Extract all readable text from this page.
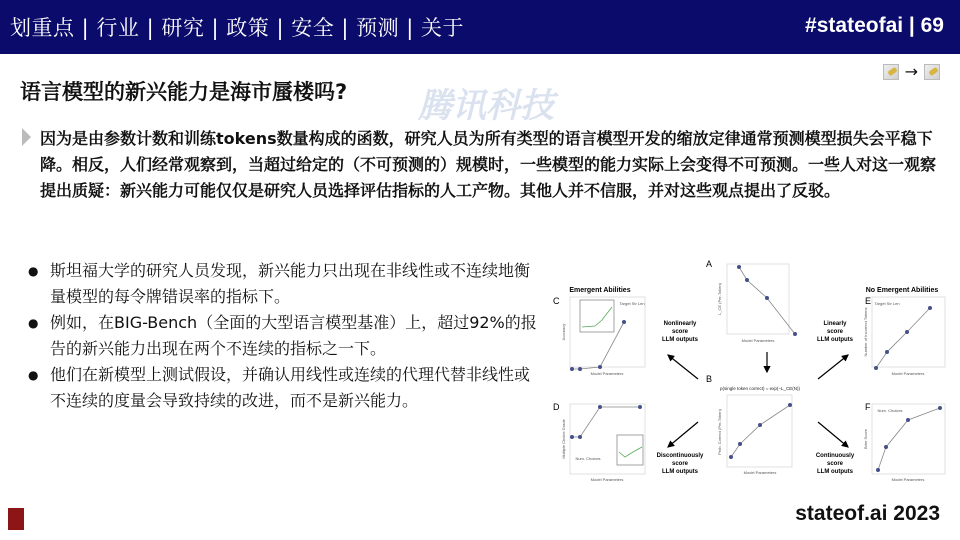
划重点 | 行业 | 研究 | 政策 | 安全 | 预测 | 关于	#stateofai | 69
→
语言模型的新兴能力是海市蜃楼吗? 腾讯科技
因为是由参数计数和训练tokens数量构成的函数，研究人员为所有类型的语言模型开发的缩放定律通常预测模型损失会平稳下降。相反，人们经常观察到，当超过给定的（不可预测的）规模时，一些模型的能力实际上会变得不可预测。一些人对这一观察提出质疑：新兴能力可能仅仅是研究人员选择评估指标的人工产物。其他人并不信服，并对这些观点提出了反驳。
● 斯坦福大学的研究人员发现，新兴能力只出现在非线性或不连续地衡量模型的每令牌错误率的指标下。
● 例如，在BIG-Bench（全面的大型语言模型基准）上，超过92%的报告的新兴能力出现在两个不连续的指标之一下。
● 他们在新模型上测试假设，并确认用线性或连续的代理代替非线性或不连续的度量会导致持续的改进，而不是新兴能力。
Emergent Abilities	No Emergent Abilities
A
B
C
D
E
F
Nonlinearly
score
LLM outputs
Linearly
score
LLM outputs
Discontinuously
score
LLM outputs
Continuously
score
LLM outputs
p(single token correct) = exp(−L_CE(N))
Model Parameters
Model Parameters
Model Parameters
Model Parameters
Model Parameters
Model Parameters
L_CE (Per-Token)
Prob. Correct (Per-Token)
Accuracy
Multiple Choice Grade
Number of Incorrect Tokens
Brier Score
Target Str Len	Target Str Len
Num. Choices
Num. Choices
stateof.ai 2023
